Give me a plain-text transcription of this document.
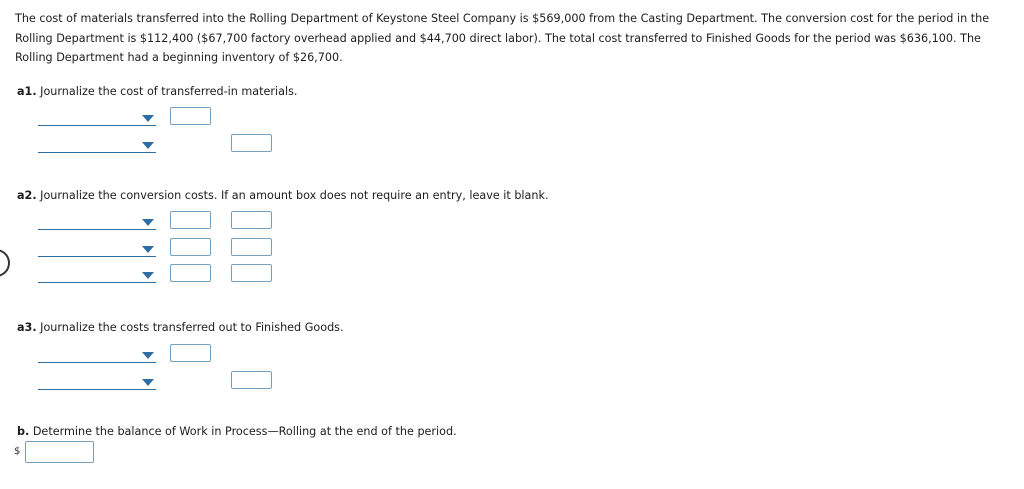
The cost of materials transferred into the Rolling Department of Keystone Steel Company is $569,000 from the Casting Department. The conversion cost for the period in the Rolling Department is $112,400 ($67,700 factory overhead applied and $44,700 direct labor). The total cost transferred to Finished Goods for the period was $636,100. The Rolling Department had a beginning inventory of $26,700.
a1. Journalize the cost of transferred-in materials.
a2. Journalize the conversion costs. If an amount box does not require an entry, leave it blank.
a3. Journalize the costs transferred out to Finished Goods.
b. Determine the balance of Work in Process—Rolling at the end of the period.
$
